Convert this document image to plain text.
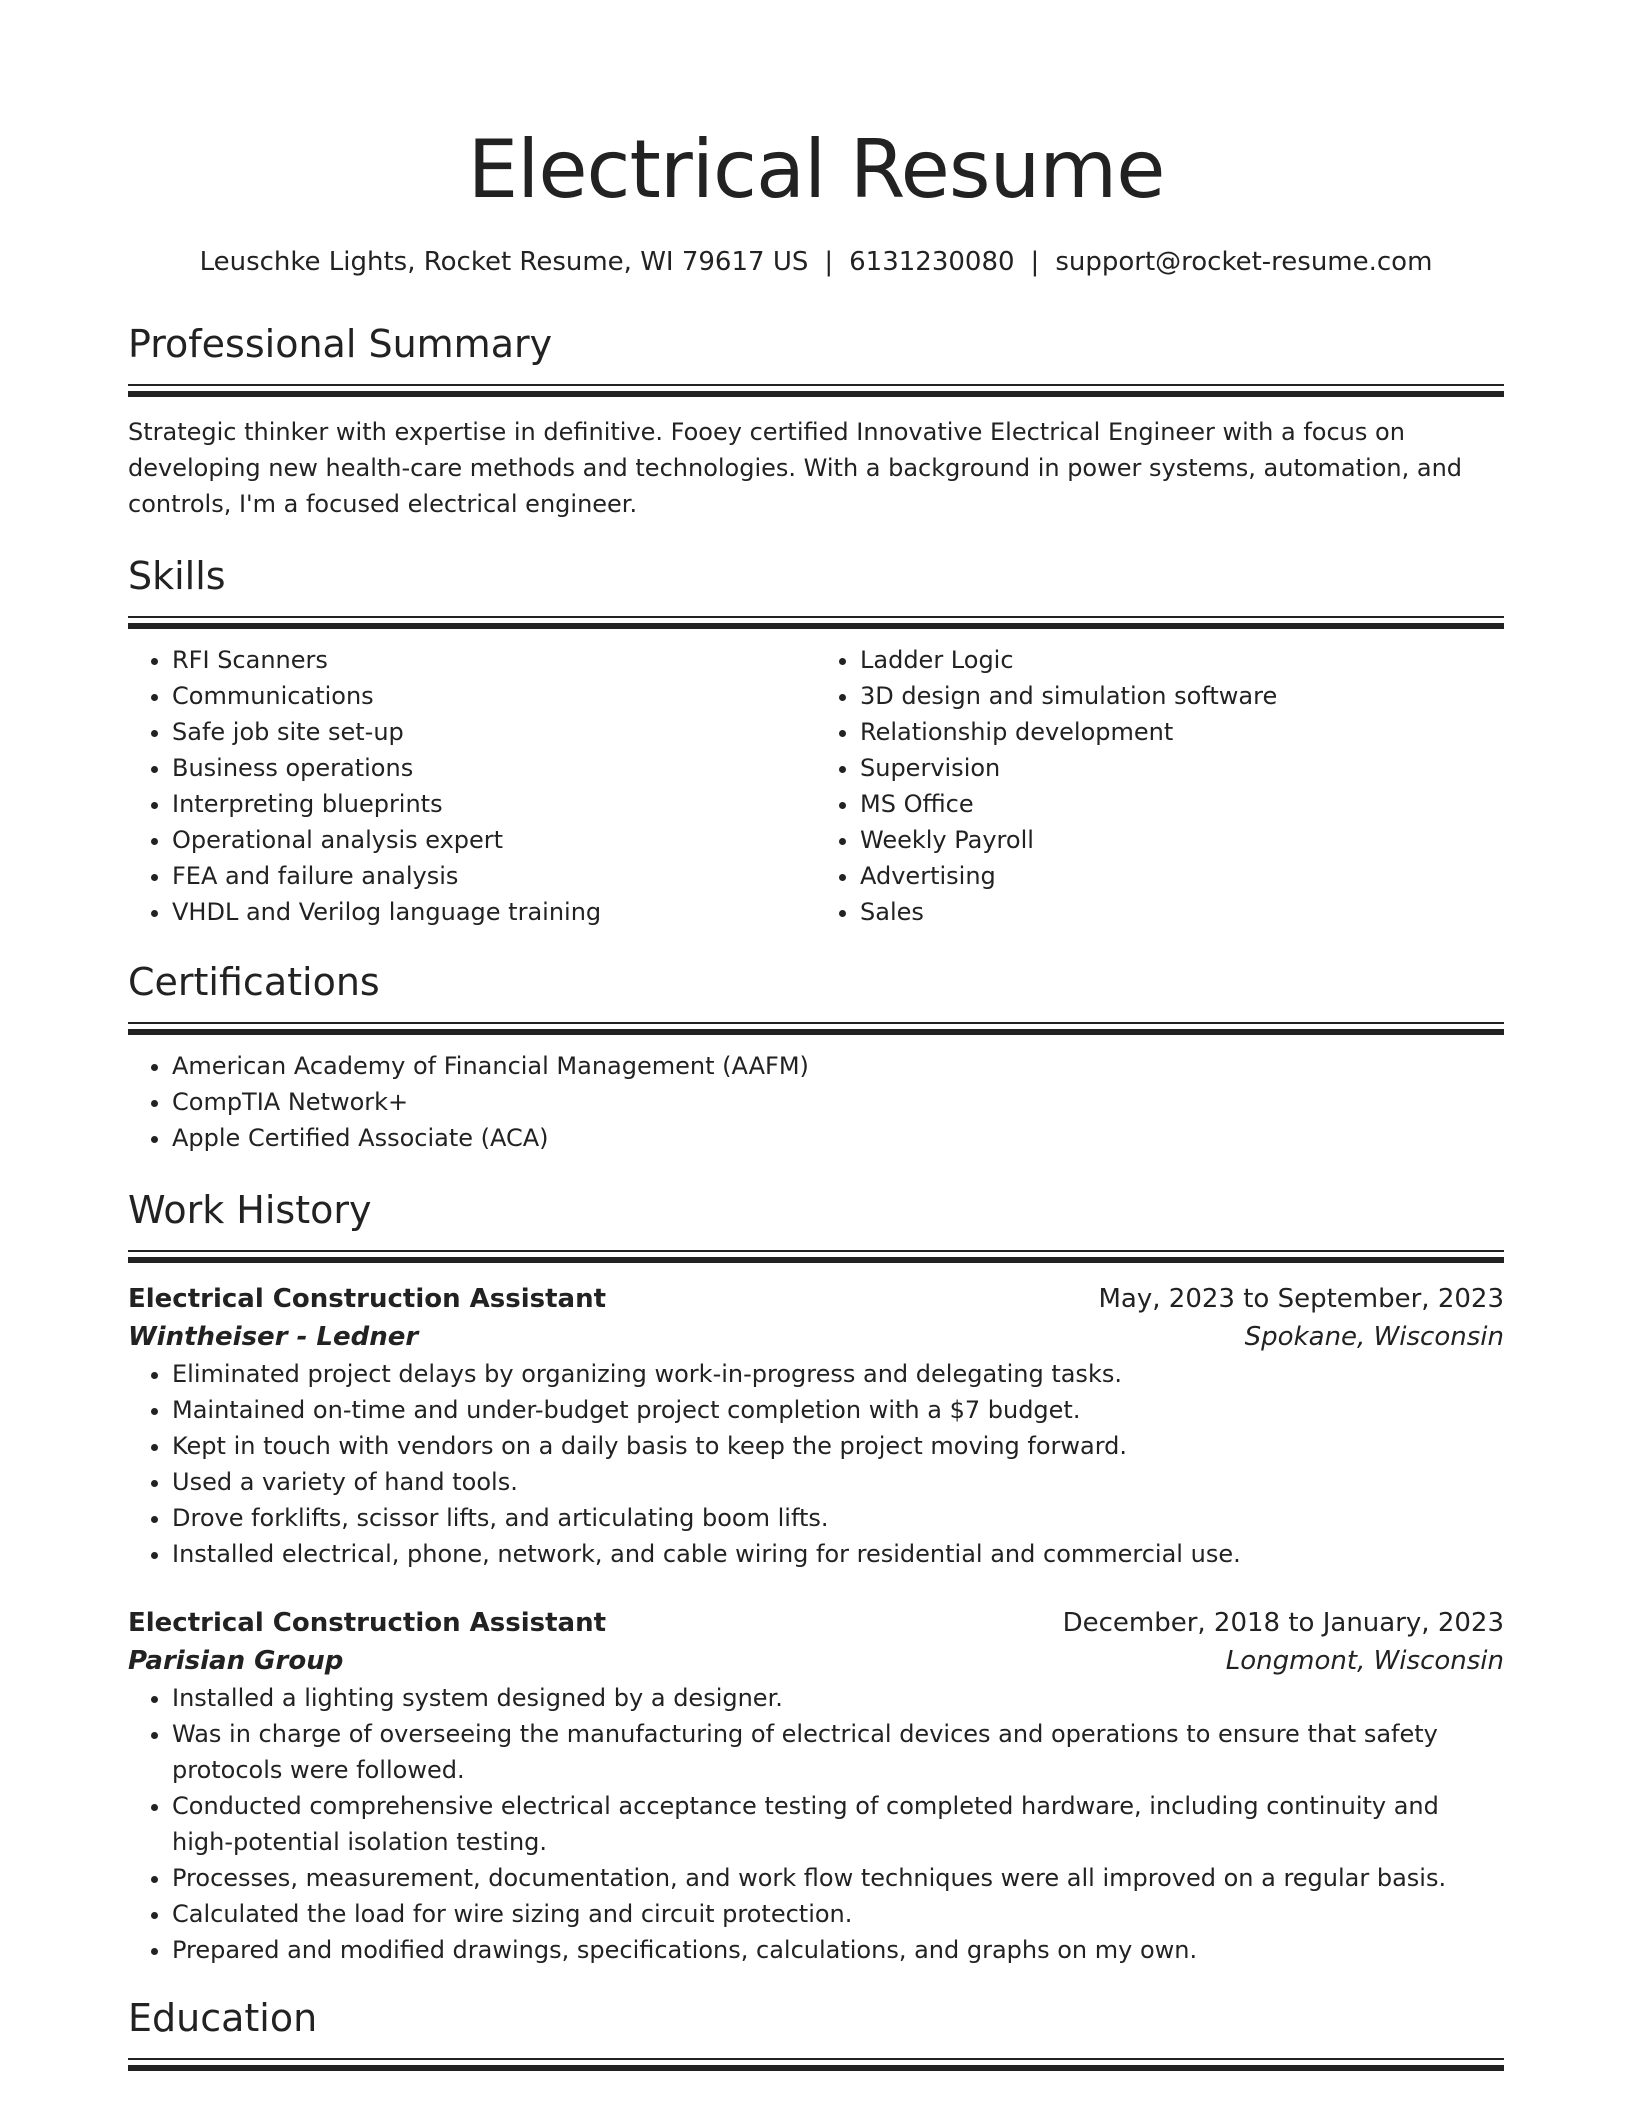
Electrical Resume
Leuschke Lights, Rocket Resume, WI 79617 US | 6131230080 | support@rocket-resume.com
Professional Summary

Strategic thinker with expertise in definitive. Fooey certified Innovative Electrical Engineer with a focus on developing new health-care methods and technologies. With a background in power systems, automation, and controls, I'm a focused electrical engineer.

Skills
• RFI Scanners
• Communications
• Safe job site set-up
• Business operations
• Interpreting blueprints
• Operational analysis expert
• FEA and failure analysis
• VHDL and Verilog language training
• Ladder Logic
• 3D design and simulation software
• Relationship development
• Supervision
• MS Office
• Weekly Payroll
• Advertising
• Sales
Certifications
• American Academy of Financial Management (AAFM)
• CompTIA Network+
• Apple Certified Associate (ACA)
Work History
Electrical Construction Assistant	May, 2023 to September, 2023
Wintheiser - Ledner	Spokane, Wisconsin
• Eliminated project delays by organizing work-in-progress and delegating tasks.
• Maintained on-time and under-budget project completion with a $7 budget.
• Kept in touch with vendors on a daily basis to keep the project moving forward.
• Used a variety of hand tools.
• Drove forklifts, scissor lifts, and articulating boom lifts.
• Installed electrical, phone, network, and cable wiring for residential and commercial use.
Electrical Construction Assistant	December, 2018 to January, 2023
Parisian Group	Longmont, Wisconsin
• Installed a lighting system designed by a designer.
• Was in charge of overseeing the manufacturing of electrical devices and operations to ensure that safety protocols were followed.
• Conducted comprehensive electrical acceptance testing of completed hardware, including continuity and high-potential isolation testing.
• Processes, measurement, documentation, and work flow techniques were all improved on a regular basis.
• Calculated the load for wire sizing and circuit protection.
• Prepared and modified drawings, specifications, calculations, and graphs on my own.
Education
